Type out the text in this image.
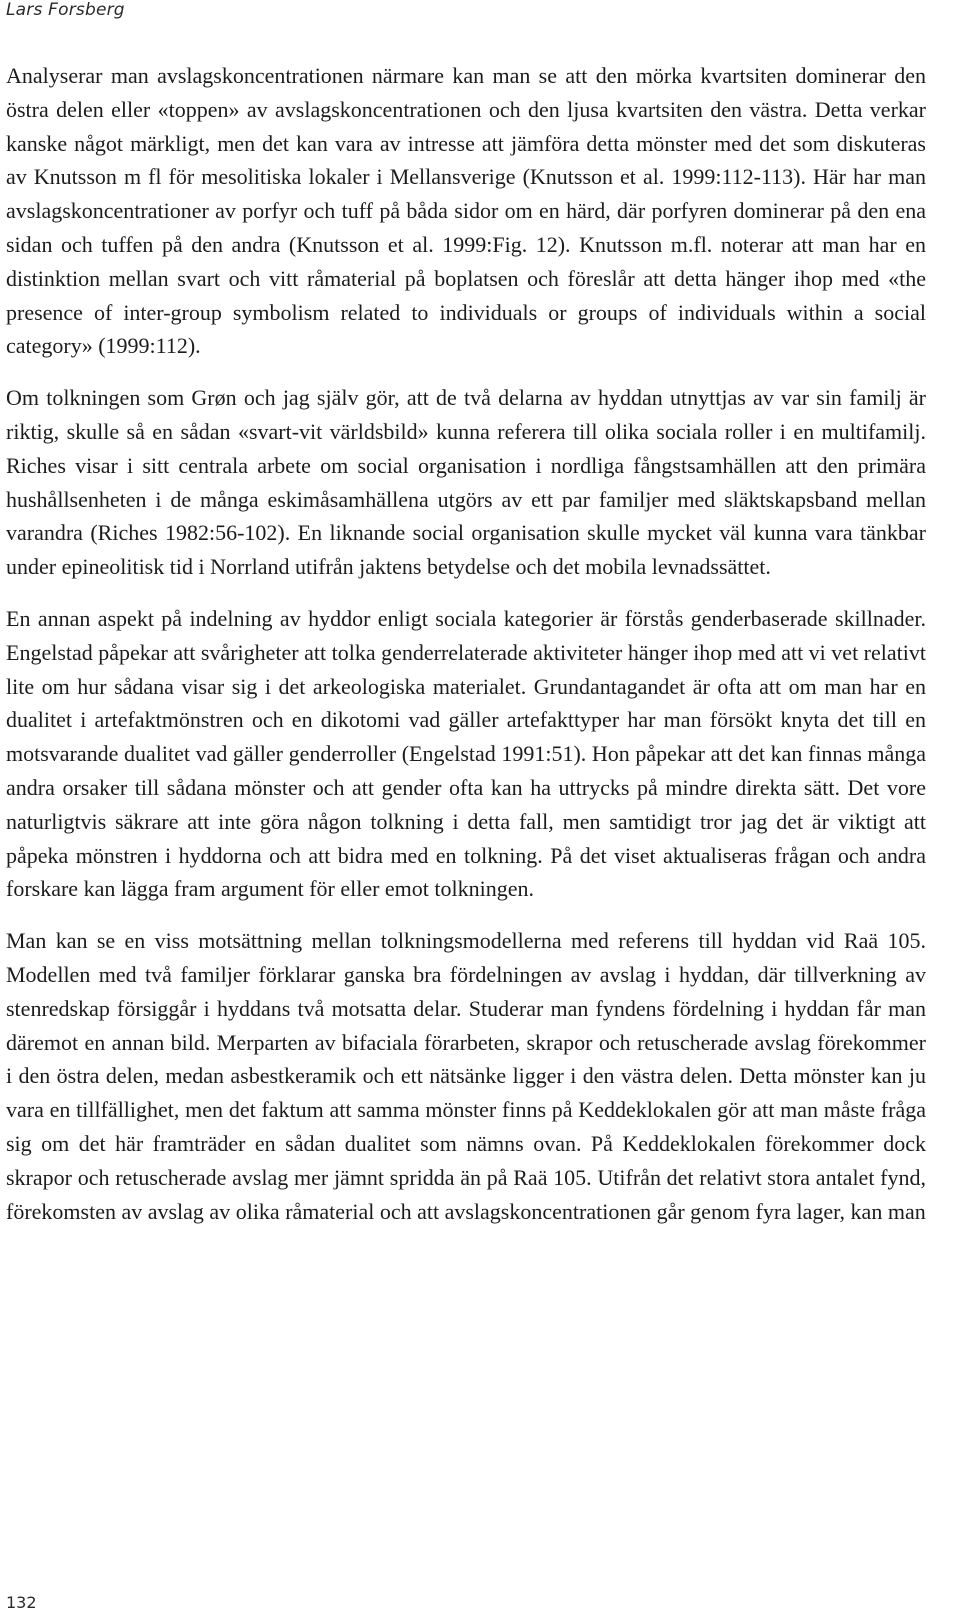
Lars Forsberg

Analyserar man avslagskoncentrationen närmare kan man se att den mörka kvartsiten dominerar den östra delen eller «toppen» av avslagskoncentrationen och den ljusa kvartsiten den västra. Detta verkar kanske något märkligt, men det kan vara av intresse att jämföra detta mönster med det som diskuteras av Knutsson m fl för mesolitiska lokaler i Mellansverige (Knutsson et al. 1999:112-113). Här har man avslagskoncentrationer av porfyr och tuff på båda sidor om en härd, där porfyren dominerar på den ena sidan och tuffen på den andra (Knutsson et al. 1999:Fig. 12). Knutsson m.fl. noterar att man har en distinktion mellan svart och vitt råmaterial på boplatsen och föreslår att detta hänger ihop med «the presence of inter-group symbolism related to individuals or groups of individuals within a social category» (1999:112).

Om tolkningen som Grøn och jag själv gör, att de två delarna av hyddan utnyttjas av var sin familj är riktig, skulle så en sådan «svart-vit världsbild» kunna referera till olika sociala roller i en multifamilj. Riches visar i sitt centrala arbete om social organisation i nordliga fångstsamhällen att den primära hushållsenheten i de många eskimåsamhällena utgörs av ett par familjer med släktskapsband mellan varandra (Riches 1982:56-102). En liknande social organisation skulle mycket väl kunna vara tänkbar under epineolitisk tid i Norrland utifrån jaktens betydelse och det mobila levnadssättet.

En annan aspekt på indelning av hyddor enligt sociala kategorier är förstås genderbaserade skillnader. Engelstad påpekar att svårigheter att tolka genderrelaterade aktiviteter hänger ihop med att vi vet relativt lite om hur sådana visar sig i det arkeologiska materialet. Grundantagandet är ofta att om man har en dualitet i artefaktmönstren och en dikotomi vad gäller artefakttyper har man försökt knyta det till en motsvarande dualitet vad gäller genderroller (Engelstad 1991:51). Hon påpekar att det kan finnas många andra orsaker till sådana mönster och att gender ofta kan ha uttrycks på mindre direkta sätt. Det vore naturligtvis säkrare att inte göra någon tolkning i detta fall, men samtidigt tror jag det är viktigt att påpeka mönstren i hyddorna och att bidra med en tolkning. På det viset aktualiseras frågan och andra forskare kan lägga fram argument för eller emot tolkningen.

Man kan se en viss motsättning mellan tolkningsmodellerna med referens till hyddan vid Raä 105. Modellen med två familjer förklarar ganska bra fördelningen av avslag i hyddan, där tillverkning av stenredskap försiggår i hyddans två motsatta delar. Studerar man fyndens fördelning i hyddan får man däremot en annan bild. Merparten av bifaciala förarbeten, skrapor och retuscherade avslag förekommer i den östra delen, medan asbestkeramik och ett nätsänke ligger i den västra delen. Detta mönster kan ju vara en tillfällighet, men det faktum att samma mönster finns på Keddeklokalen gör att man måste fråga sig om det här framträder en sådan dualitet som nämns ovan. På Keddeklokalen förekommer dock skrapor och retuscherade avslag mer jämnt spridda än på Raä 105. Utifrån det relativt stora antalet fynd, förekomsten av avslag av olika råmaterial och att avslagskoncentrationen går genom fyra lager, kan man

132
